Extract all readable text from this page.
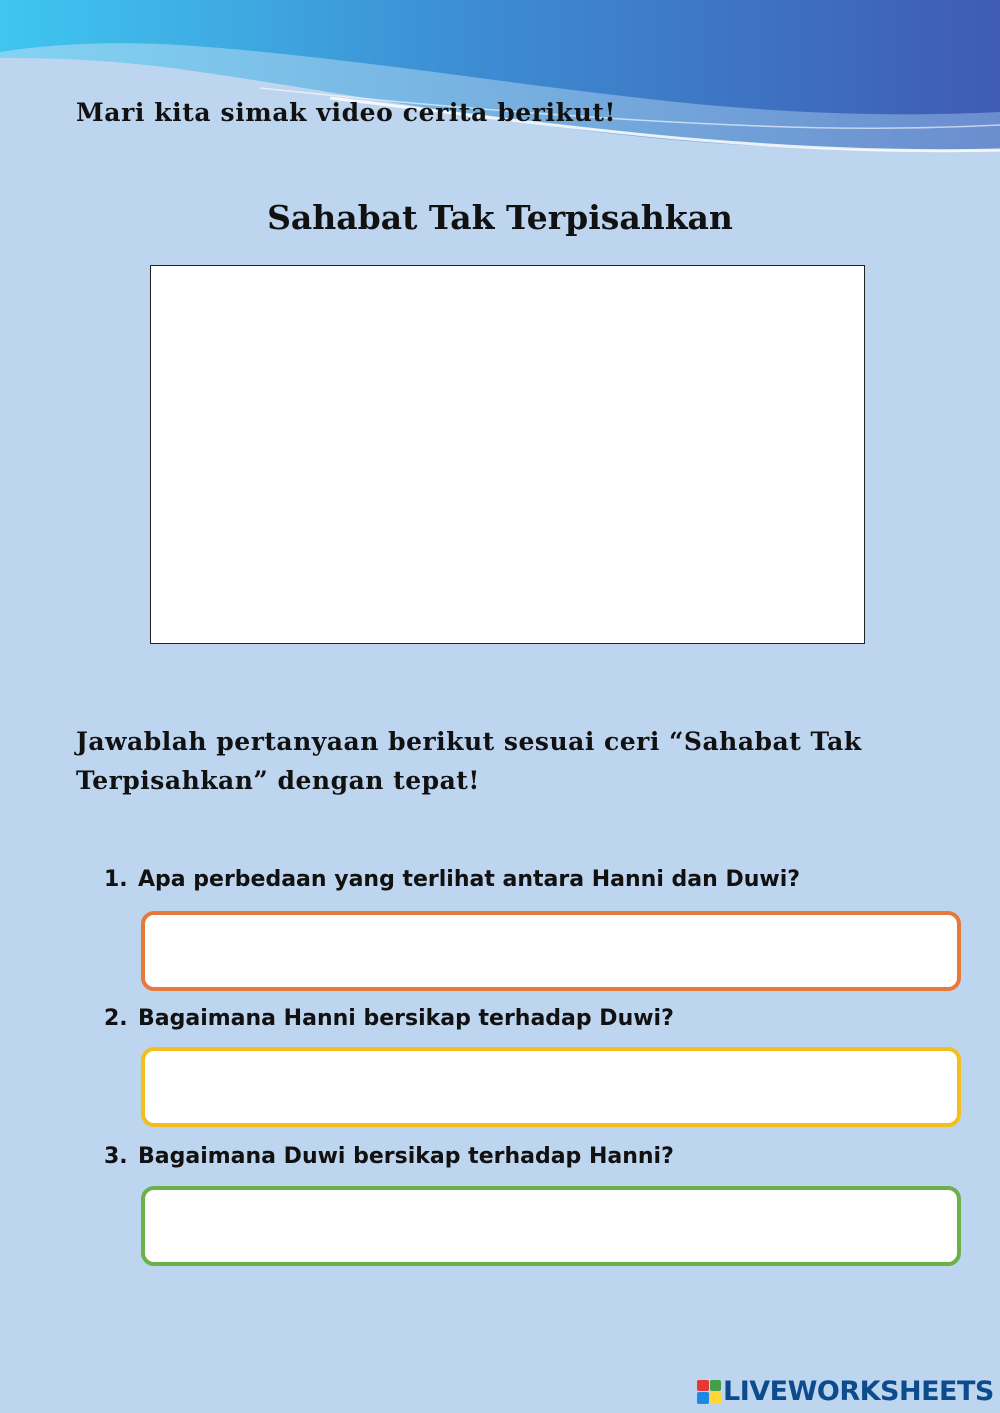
Mari kita simak video cerita berikut!

Sahabat Tak Terpisahkan

Jawablah pertanyaan berikut sesuai ceri “Sahabat Tak Terpisahkan” dengan tepat!

1. Apa perbedaan yang terlihat antara Hanni dan Duwi?

2. Bagaimana Hanni bersikap terhadap Duwi?

3. Bagaimana Duwi bersikap terhadap Hanni?

LIVEWORKSHEETS
